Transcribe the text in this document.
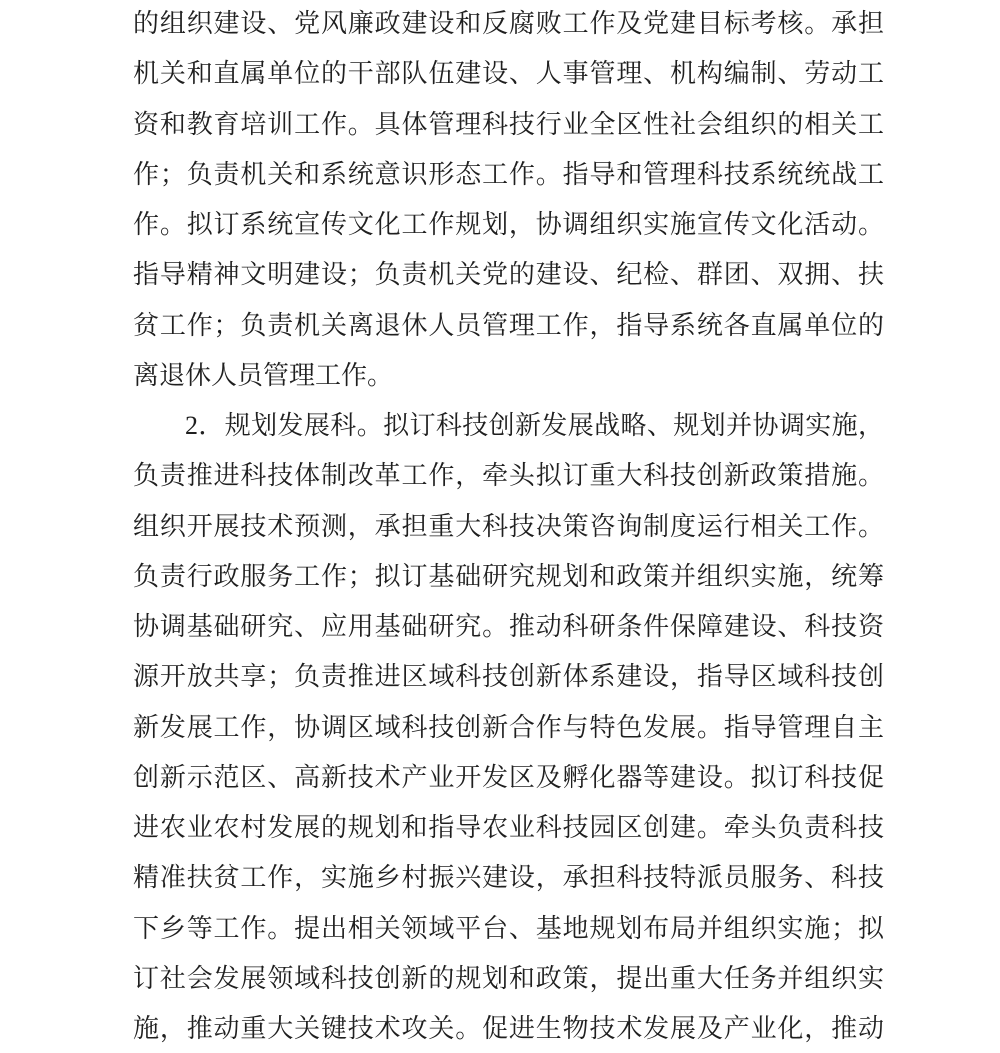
的组织建设、党风廉政建设和反腐败工作及党建目标考核。承担
机关和直属单位的干部队伍建设、人事管理、机构编制、劳动工
资和教育培训工作。具体管理科技行业全区性社会组织的相关工
作；负责机关和系统意识形态工作。指导和管理科技系统统战工
作。拟订系统宣传文化工作规划，协调组织实施宣传文化活动。
指导精神文明建设；负责机关党的建设、纪检、群团、双拥、扶
贫工作；负责机关离退休人员管理工作，指导系统各直属单位的
离退休人员管理工作。
2．规划发展科。拟订科技创新发展战略、规划并协调实施，
负责推进科技体制改革工作，牵头拟订重大科技创新政策措施。
组织开展技术预测，承担重大科技决策咨询制度运行相关工作。
负责行政服务工作；拟订基础研究规划和政策并组织实施，统筹
协调基础研究、应用基础研究。推动科研条件保障建设、科技资
源开放共享；负责推进区域科技创新体系建设，指导区域科技创
新发展工作，协调区域科技创新合作与特色发展。指导管理自主
创新示范区、高新技术产业开发区及孵化器等建设。拟订科技促
进农业农村发展的规划和指导农业科技园区创建。牵头负责科技
精准扶贫工作，实施乡村振兴建设，承担科技特派员服务、科技
下乡等工作。提出相关领域平台、基地规划布局并组织实施；拟
订社会发展领域科技创新的规划和政策，提出重大任务并组织实
施，推动重大关键技术攻关。促进生物技术发展及产业化，推动
